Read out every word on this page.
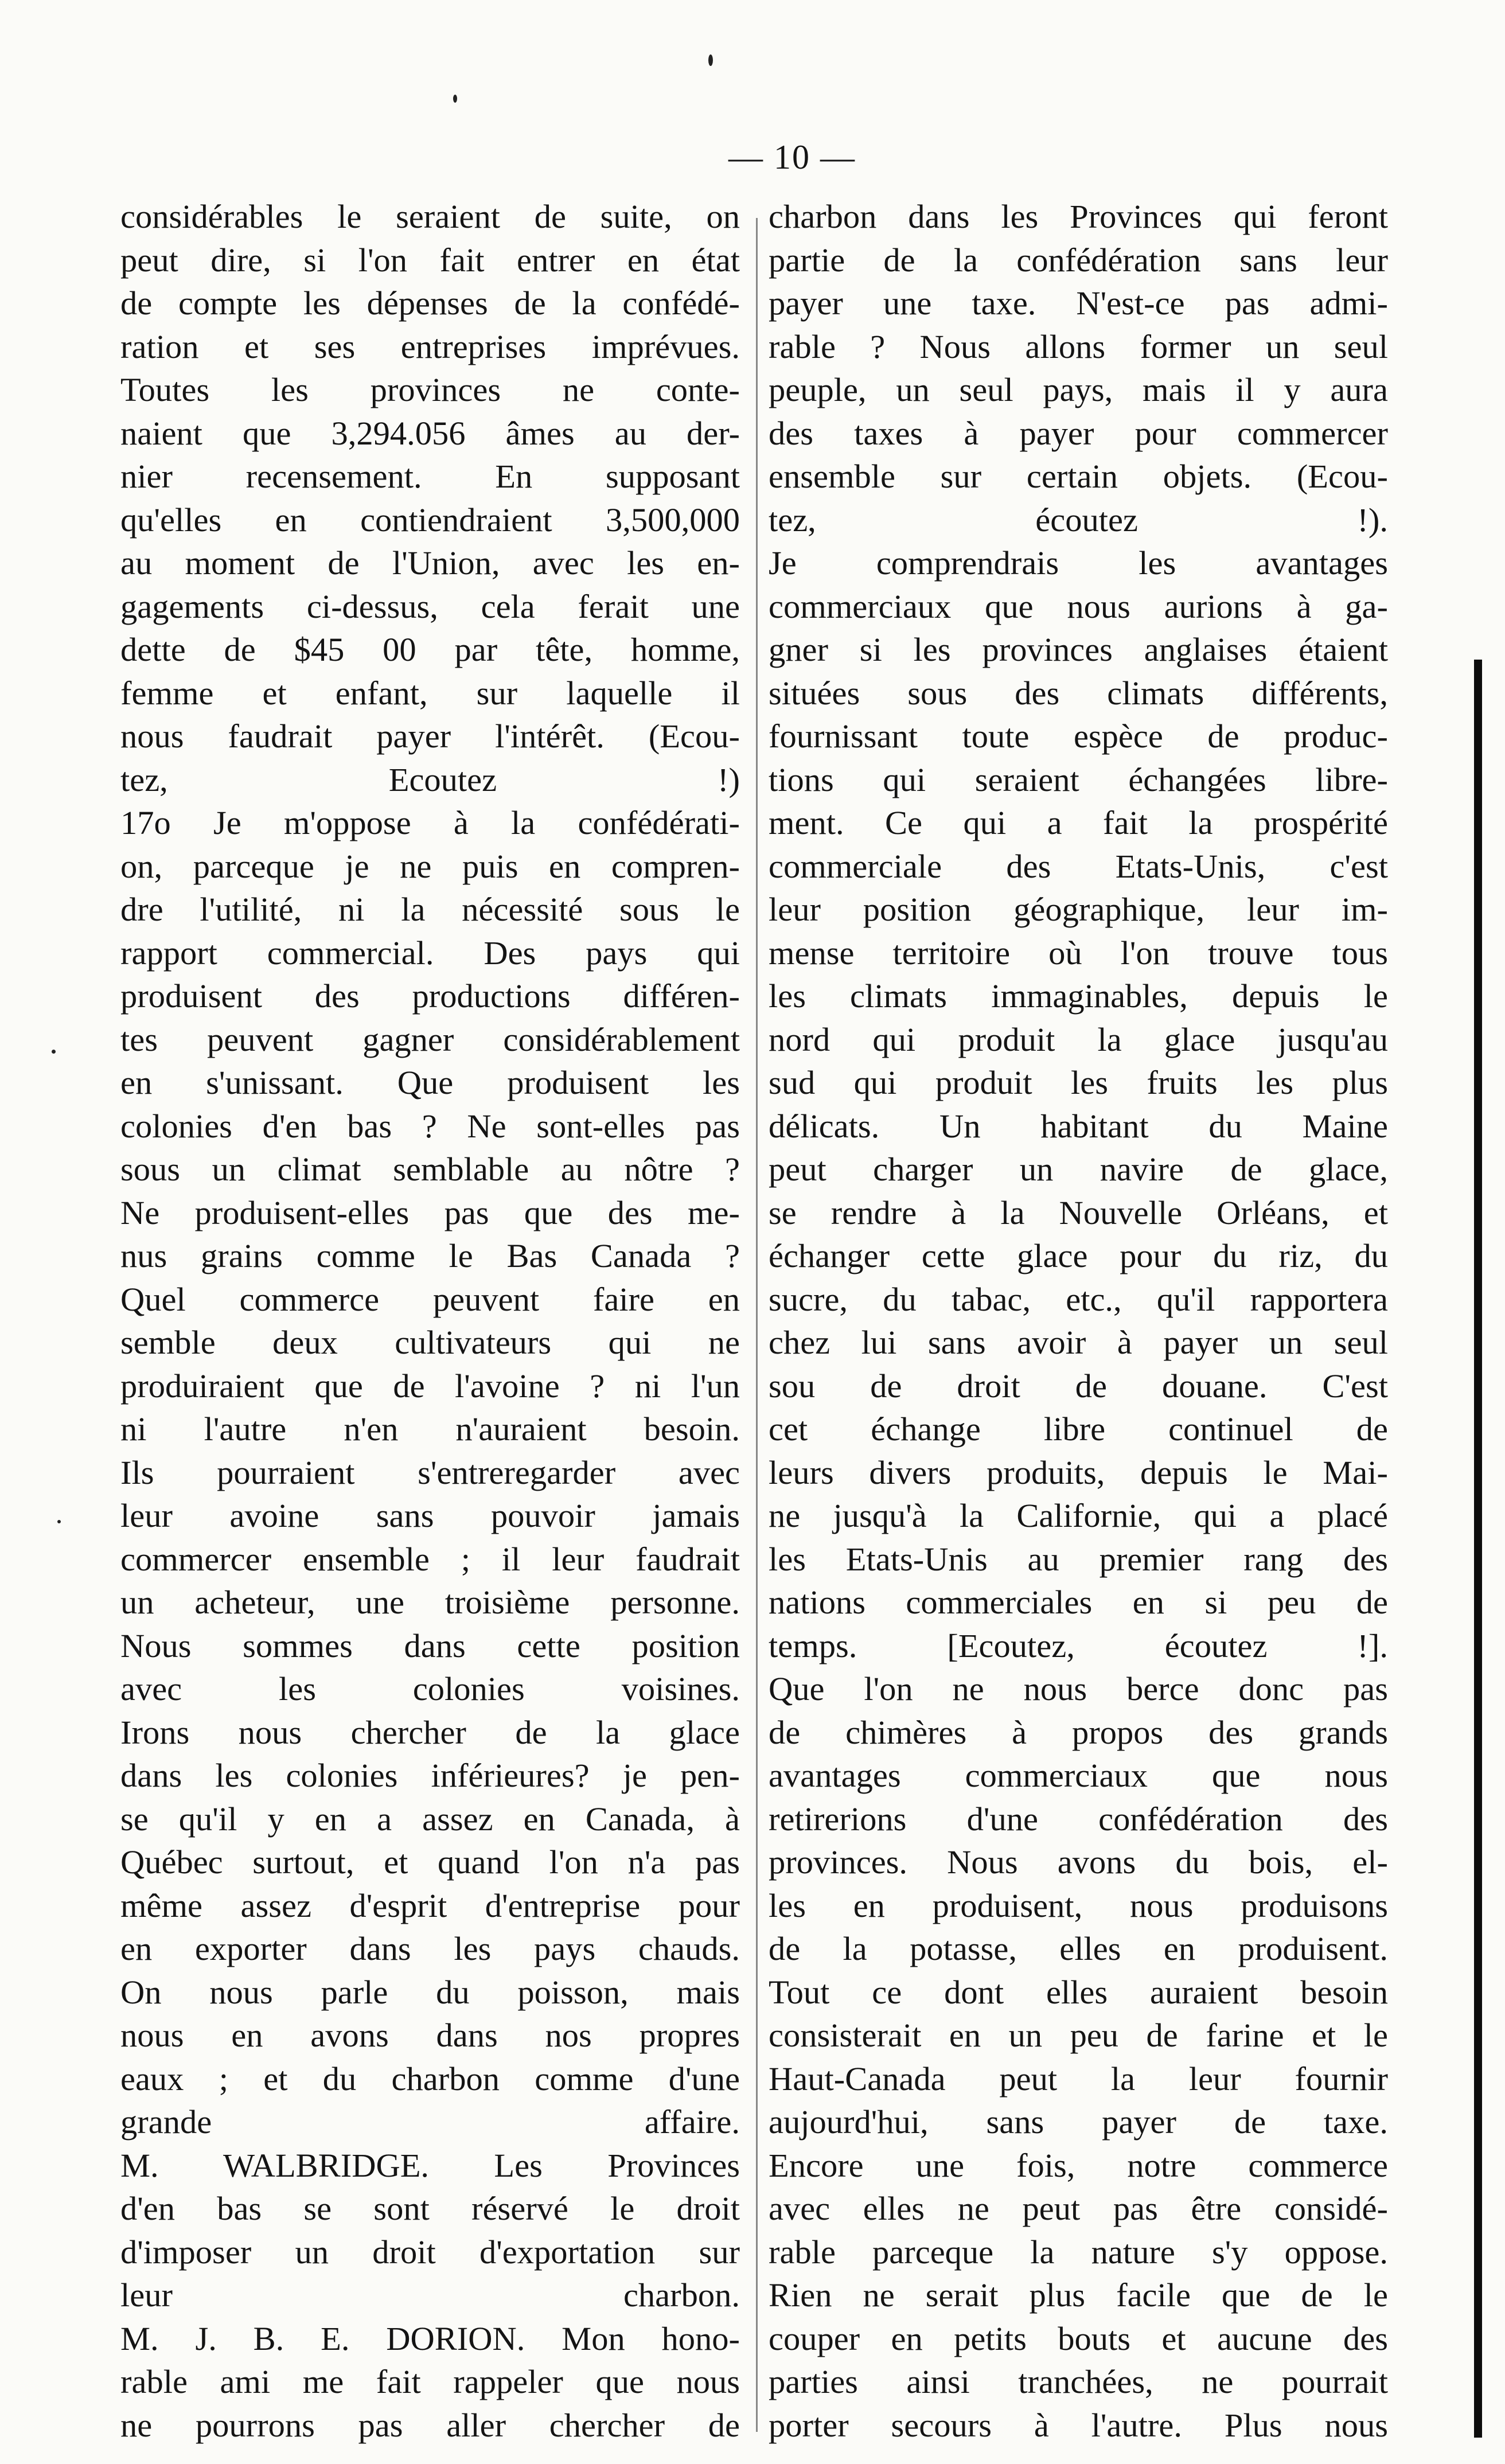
— 10 —
considérables le seraient de suite, on
peut dire, si l'on fait entrer en état
de compte les dépenses de la confédé-
ration et ses entreprises imprévues.
Toutes les provinces ne conte-
naient que 3,294.056 âmes au der-
nier recensement. En supposant
qu'elles en contiendraient 3,500,000
au moment de l'Union, avec les en-
gagements ci-dessus, cela ferait une
dette de $45 00 par tête, homme,
femme et enfant, sur laquelle il
nous faudrait payer l'intérêt. (Ecou-
tez, Ecoutez !)
17o Je m'oppose à la confédérati-
on, parceque je ne puis en compren-
dre l'utilité, ni la nécessité sous le
rapport commercial. Des pays qui
produisent des productions différen-
tes peuvent gagner considérablement
en s'unissant. Que produisent les
colonies d'en bas ? Ne sont-elles pas
sous un climat semblable au nôtre ?
Ne produisent-elles pas que des me-
nus grains comme le Bas Canada ?
Quel commerce peuvent faire en
semble deux cultivateurs qui ne
produiraient que de l'avoine ? ni l'un
ni l'autre n'en n'auraient besoin.
Ils pourraient s'entreregarder avec
leur avoine sans pouvoir jamais
commercer ensemble ; il leur faudrait
un acheteur, une troisième personne.
Nous sommes dans cette position
avec les colonies voisines.
Irons nous chercher de la glace
dans les colonies inférieures? je pen-
se qu'il y en a assez en Canada, à
Québec surtout, et quand l'on n'a pas
même assez d'esprit d'entreprise pour
en exporter dans les pays chauds.
On nous parle du poisson, mais
nous en avons dans nos propres
eaux ; et du charbon comme d'une
grande affaire.
M. WALBRIDGE. Les Provinces
d'en bas se sont réservé le droit
d'imposer un droit d'exportation sur
leur charbon.
M. J. B. E. DORION. Mon hono-
rable ami me fait rappeler que nous
ne pourrons pas aller chercher de
charbon dans les Provinces qui feront
partie de la confédération sans leur
payer une taxe. N'est-ce pas admi-
rable ? Nous allons former un seul
peuple, un seul pays, mais il y aura
des taxes à payer pour commercer
ensemble sur certain objets. (Ecou-
tez, écoutez !).
Je comprendrais les avantages
commerciaux que nous aurions à ga-
gner si les provinces anglaises étaient
situées sous des climats différents,
fournissant toute espèce de produc-
tions qui seraient échangées libre-
ment. Ce qui a fait la prospérité
commerciale des Etats-Unis, c'est
leur position géographique, leur im-
mense territoire où l'on trouve tous
les climats immaginables, depuis le
nord qui produit la glace jusqu'au
sud qui produit les fruits les plus
délicats. Un habitant du Maine
peut charger un navire de glace,
se rendre à la Nouvelle Orléans, et
échanger cette glace pour du riz, du
sucre, du tabac, etc., qu'il rapportera
chez lui sans avoir à payer un seul
sou de droit de douane. C'est
cet échange libre continuel de
leurs divers produits, depuis le Mai-
ne jusqu'à la Californie, qui a placé
les Etats-Unis au premier rang des
nations commerciales en si peu de
temps. [Ecoutez, écoutez !].
Que l'on ne nous berce donc pas
de chimères à propos des grands
avantages commerciaux que nous
retirerions d'une confédération des
provinces. Nous avons du bois, el-
les en produisent, nous produisons
de la potasse, elles en produisent.
Tout ce dont elles auraient besoin
consisterait en un peu de farine et le
Haut-Canada peut la leur fournir
aujourd'hui, sans payer de taxe.
Encore une fois, notre commerce
avec elles ne peut pas être considé-
rable parceque la nature s'y oppose.
Rien ne serait plus facile que de le
couper en petits bouts et aucune des
parties ainsi tranchées, ne pourrait
porter secours à l'autre. Plus nous
